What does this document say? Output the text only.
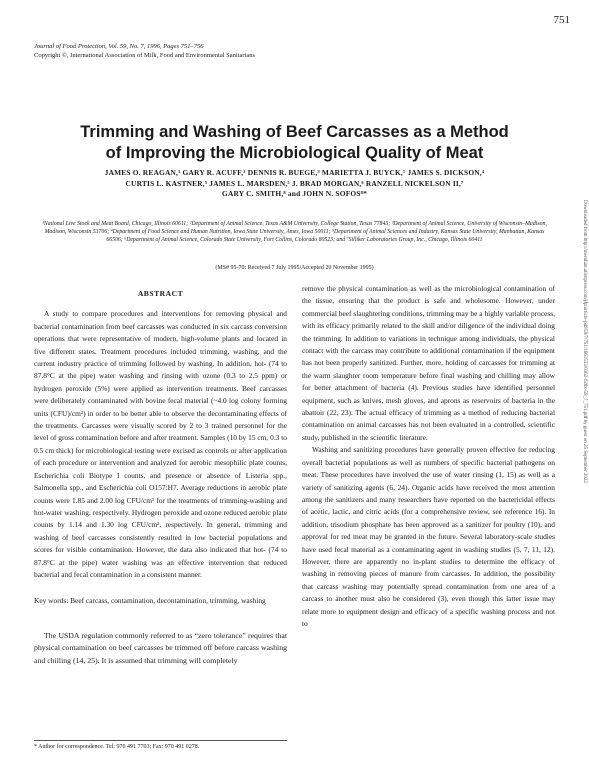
751
Journal of Food Protection, Vol. 59, No. 7, 1996, Pages 751–756
Copyright ©, International Association of Milk, Food and Environmental Sanitarians
Trimming and Washing of Beef Carcasses as a Method
of Improving the Microbiological Quality of Meat
JAMES O. REAGAN,¹ GARY R. ACUFF,² DENNIS R. BUEGE,³ MARIETTA J. BUYCK,¹ JAMES S. DICKSON,⁴
CURTIS L. KASTNER,⁵ JAMES L. MARSDEN,⁵ J. BRAD MORGAN,⁶ RANZELL NICKELSON II,⁷
GARY C. SMITH,⁸ and JOHN N. SOFOS⁸*
¹National Live Stock and Meat Board, Chicago, Illinois 60611; ²Department of Animal Science, Texas A&M University, College Station, Texas 77843; ³Department of Animal Science, University of Wisconsin–Madison, Madison, Wisconsin 53706; ⁴Department of Food Science and Human Nutrition, Iowa State University, Ames, Iowa 50011; ⁵Department of Animal Sciences and Industry, Kansas State University, Manhattan, Kansas 66506; ⁶Department of Animal Science, Colorado State University, Fort Collins, Colorado 80523; and ⁷Silliker Laboratories Group, Inc., Chicago, Illinois 60411
(MS# 95-70: Received 7 July 1995/Accepted 20 November 1995)	Downloaded from http://meridian.allenpress.com/jfp/article-pdf/59/7/751/1661533/0362-028x-59_7_751.pdf by guest on 25 September 2022
ABSTRACT

A study to compare procedures and interventions for removing physical and bacterial contamination from beef carcasses was conducted in six carcass conversion operations that were representative of modern, high-volume plants and located in five different states. Treatment procedures included trimming, washing, and the current industry practice of trimming followed by washing. In addition, hot- (74 to 87.8°C at the pipe) water washing and rinsing with ozone (0.3 to 2.5 ppm) or hydrogen peroxide (5%) were applied as intervention treatments. Beef carcasses were deliberately contaminated with bovine fecal material (~4.0 log colony forming units (CFU)/cm²) in order to be better able to observe the decontaminating effects of the treatments. Carcasses were visually scored by 2 to 3 trained personnel for the level of gross contamination before and after treatment. Samples (10 by 15 cm, 0.3 to 0.5 cm thick) for microbiological testing were excised as controls or after application of each procedure or intervention and analyzed for aerobic mesophilic plate counts, Escherichia coli Biotype I counts, and presence or absence of Listeria spp., Salmonella spp., and Escherichia coli O157:H7. Average reductions in aerobic plate counts were 1.85 and 2.00 log CFU/cm² for the treatments of trimming-washing and hot-water washing, respectively. Hydrogen peroxide and ozone reduced aerobic plate counts by 1.14 and 1.30 log CFU/cm², respectively. In general, trimming and washing of beef carcasses consistently resulted in low bacterial populations and scores for visible contamination. However, the data also indicated that hot- (74 to 87.8°C at the pipe) water washing was an effective intervention that reduced bacterial and fecal contamination in a consistent manner.

Key words: Beef carcass, contamination, decontamination, trimming, washing

The USDA regulation commonly referred to as “zero tolerance” requires that physical contamination on beef carcasses be trimmed off before carcass washing and chilling (14, 25). It is assumed that trimming will completely

remove the physical contamination as well as the microbiological contamination of the tissue, ensuring that the product is safe and wholesome. However, under commercial beef slaughtering conditions, trimming may be a highly variable process, with its efficacy primarily related to the skill and/or diligence of the individual doing the trimming. In addition to variations in technique among individuals, the physical contact with the carcass may contribute to additional contamination if the equipment has not been properly sanitized. Further, more, holding of carcasses for trimming at the warm slaughter room temperature before final washing and chilling may allow for better attachment of bacteria (4). Previous studies have identified personnel equipment, such as knives, mesh gloves, and aprons as reservoirs of bacteria in the abattoir (22, 23). The actual efficacy of trimming as a method of reducing bacterial contamination on animal carcasses has not been evaluated in a controlled, scientific study, published in the scientific literature.

Washing and sanitizing procedures have generally proven effective for reducing overall bacterial populations as well as numbers of specific bacterial pathogens on meat. These procedures have involved the use of water rinsing (1, 15) as well as a variety of sanitizing agents (6, 24). Organic acids have received the most attention among the sanitizers and many researchers have reported on the bactericidal effects of acetic, lactic, and citric acids (for a comprehensive review, see reference 16). In addition, trisodium phosphate has been approved as a sanitizer for poultry (10), and approval for red meat may be granted in the future. Several laboratory-scale studies have used fecal material as a contaminating agent in washing studies (5, 7, 11, 12). However, there are apparently no in-plant studies to determine the efficacy of washing in removing pieces of manure from carcasses. In addition, the possibility that carcass washing may potentially spread contamination from one area of a carcass to another must also be considered (3), even though this latter issue may relate more to equipment design and efficacy of a specific washing process and not to

* Author for correspondence. Tel: 970 491 7703; Fax: 970 491 0278.
